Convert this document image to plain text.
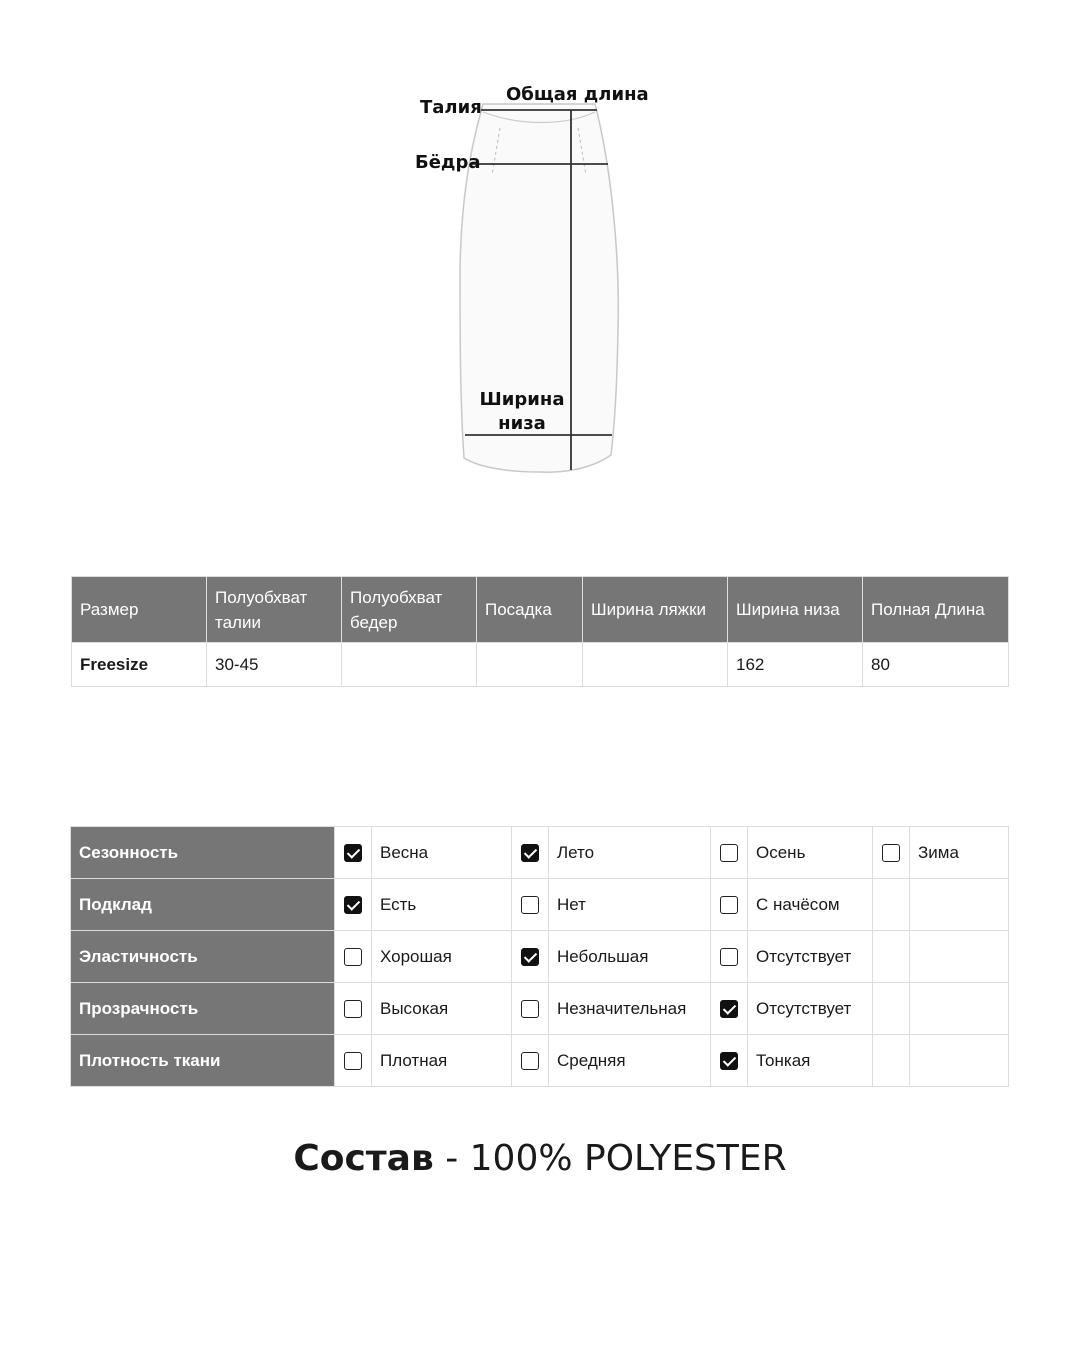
Общая длина
Талия
Бёдра
Ширина низа
Размер	Полуобхват талии	Полуобхват бедер	Посадка	Ширина ляжки	Ширина низа	Полная Длина
Freesize	30-45				162	80
Сезонность		Весна		Лето		Осень		Зима
Подклад		Есть		Нет		С начёсом		
Эластичность		Хорошая		Небольшая		Отсутствует		
Прозрачность		Высокая		Незначительная		Отсутствует		
Плотность ткани		Плотная		Средняя		Тонкая		
Состав - 100% POLYESTER
